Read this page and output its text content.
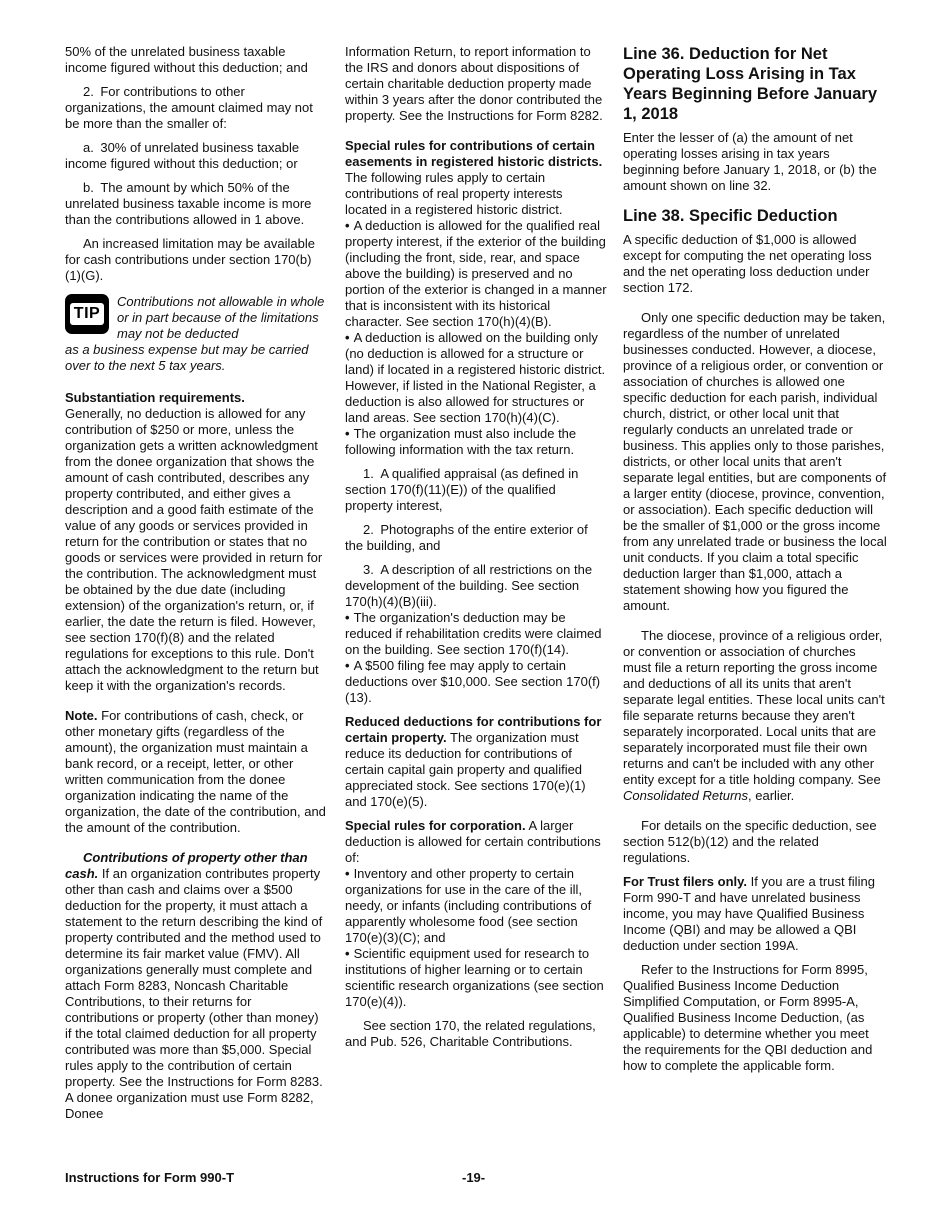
50% of the unrelated business taxable income figured without this deduction; and

2. For contributions to other organizations, the amount claimed may not be more than the smaller of:

a. 30% of unrelated business taxable income figured without this deduction; or

b. The amount by which 50% of the unrelated business taxable income is more than the contributions allowed in 1 above.

An increased limitation may be available for cash contributions under section 170(b)(1)(G).

TIP
Contributions not allowable in whole or in part because of the limitations may not be deducted

as a business expense but may be carried over to the next 5 tax years.

Substantiation requirements.
Generally, no deduction is allowed for any contribution of $250 or more, unless the organization gets a written acknowledgment from the donee organization that shows the amount of cash contributed, describes any property contributed, and either gives a description and a good faith estimate of the value of any goods or services provided in return for the contribution or states that no goods or services were provided in return for the contribution. The acknowledgment must be obtained by the due date (including extension) of the organization's return, or, if earlier, the date the return is filed. However, see section 170(f)(8) and the related regulations for exceptions to this rule. Don't attach the acknowledgment to the return but keep it with the organization's records.

Note. For contributions of cash, check, or other monetary gifts (regardless of the amount), the organization must maintain a bank record, or a receipt, letter, or other written communication from the donee organization indicating the name of the organization, the date of the contribution, and the amount of the contribution.

Contributions of property other than cash. If an organization contributes property other than cash and claims over a $500 deduction for the property, it must attach a statement to the return describing the kind of property contributed and the method used to determine its fair market value (FMV). All organizations generally must complete and attach Form 8283, Noncash Charitable Contributions, to their returns for contributions or property (other than money) if the total claimed deduction for all property contributed was more than $5,000. Special rules apply to the contribution of certain property. See the Instructions for Form 8283. A donee organization must use Form 8282, Donee

Information Return, to report information to the IRS and donors about dispositions of certain charitable deduction property made within 3 years after the donor contributed the property. See the Instructions for Form 8282.

Special rules for contributions of certain easements in registered historic districts. The following rules apply to certain contributions of real property interests located in a registered historic district.

• A deduction is allowed for the qualified real property interest, if the exterior of the building (including the front, side, rear, and space above the building) is preserved and no portion of the exterior is changed in a manner that is inconsistent with its historical character. See section 170(h)(4)(B).

• A deduction is allowed on the building only (no deduction is allowed for a structure or land) if located in a registered historic district. However, if listed in the National Register, a deduction is also allowed for structures or land areas. See section 170(h)(4)(C).

• The organization must also include the following information with the tax return.

1. A qualified appraisal (as defined in section 170(f)(11)(E)) of the qualified property interest,

2. Photographs of the entire exterior of the building, and

3. A description of all restrictions on the development of the building. See section 170(h)(4)(B)(iii).

• The organization's deduction may be reduced if rehabilitation credits were claimed on the building. See section 170(f)(14).

• A $500 filing fee may apply to certain deductions over $10,000. See section 170(f)(13).

Reduced deductions for contributions for certain property. The organization must reduce its deduction for contributions of certain capital gain property and qualified appreciated stock. See sections 170(e)(1) and 170(e)(5).

Special rules for corporation. A larger deduction is allowed for certain contributions of:

• Inventory and other property to certain organizations for use in the care of the ill, needy, or infants (including contributions of apparently wholesome food (see section 170(e)(3)(C); and

• Scientific equipment used for research to institutions of higher learning or to certain scientific research organizations (see section 170(e)(4)).

See section 170, the related regulations, and Pub. 526, Charitable Contributions.

Line 36. Deduction for Net Operating Loss Arising in Tax Years Beginning Before January 1, 2018

Enter the lesser of (a) the amount of net operating losses arising in tax years beginning before January 1, 2018, or (b) the amount shown on line 32.

Line 38. Specific Deduction

A specific deduction of $1,000 is allowed except for computing the net operating loss and the net operating loss deduction under section 172.

Only one specific deduction may be taken, regardless of the number of unrelated businesses conducted. However, a diocese, province of a religious order, or convention or association of churches is allowed one specific deduction for each parish, individual church, district, or other local unit that regularly conducts an unrelated trade or business. This applies only to those parishes, districts, or other local units that aren't separate legal entities, but are components of a larger entity (diocese, province, convention, or association). Each specific deduction will be the smaller of $1,000 or the gross income from any unrelated trade or business the local unit conducts. If you claim a total specific deduction larger than $1,000, attach a statement showing how you figured the amount.

The diocese, province of a religious order, or convention or association of churches must file a return reporting the gross income and deductions of all its units that aren't separate legal entities. These local units can't file separate returns because they aren't separately incorporated. Local units that are separately incorporated must file their own returns and can't be included with any other entity except for a title holding company. See Consolidated Returns, earlier.

For details on the specific deduction, see section 512(b)(12) and the related regulations.

For Trust filers only. If you are a trust filing Form 990-T and have unrelated business income, you may have Qualified Business Income (QBI) and may be allowed a QBI deduction under section 199A.

Refer to the Instructions for Form 8995, Qualified Business Income Deduction Simplified Computation, or Form 8995-A, Qualified Business Income Deduction, (as applicable) to determine whether you meet the requirements for the QBI deduction and how to complete the applicable form.

Instructions for Form 990-T	-19-
